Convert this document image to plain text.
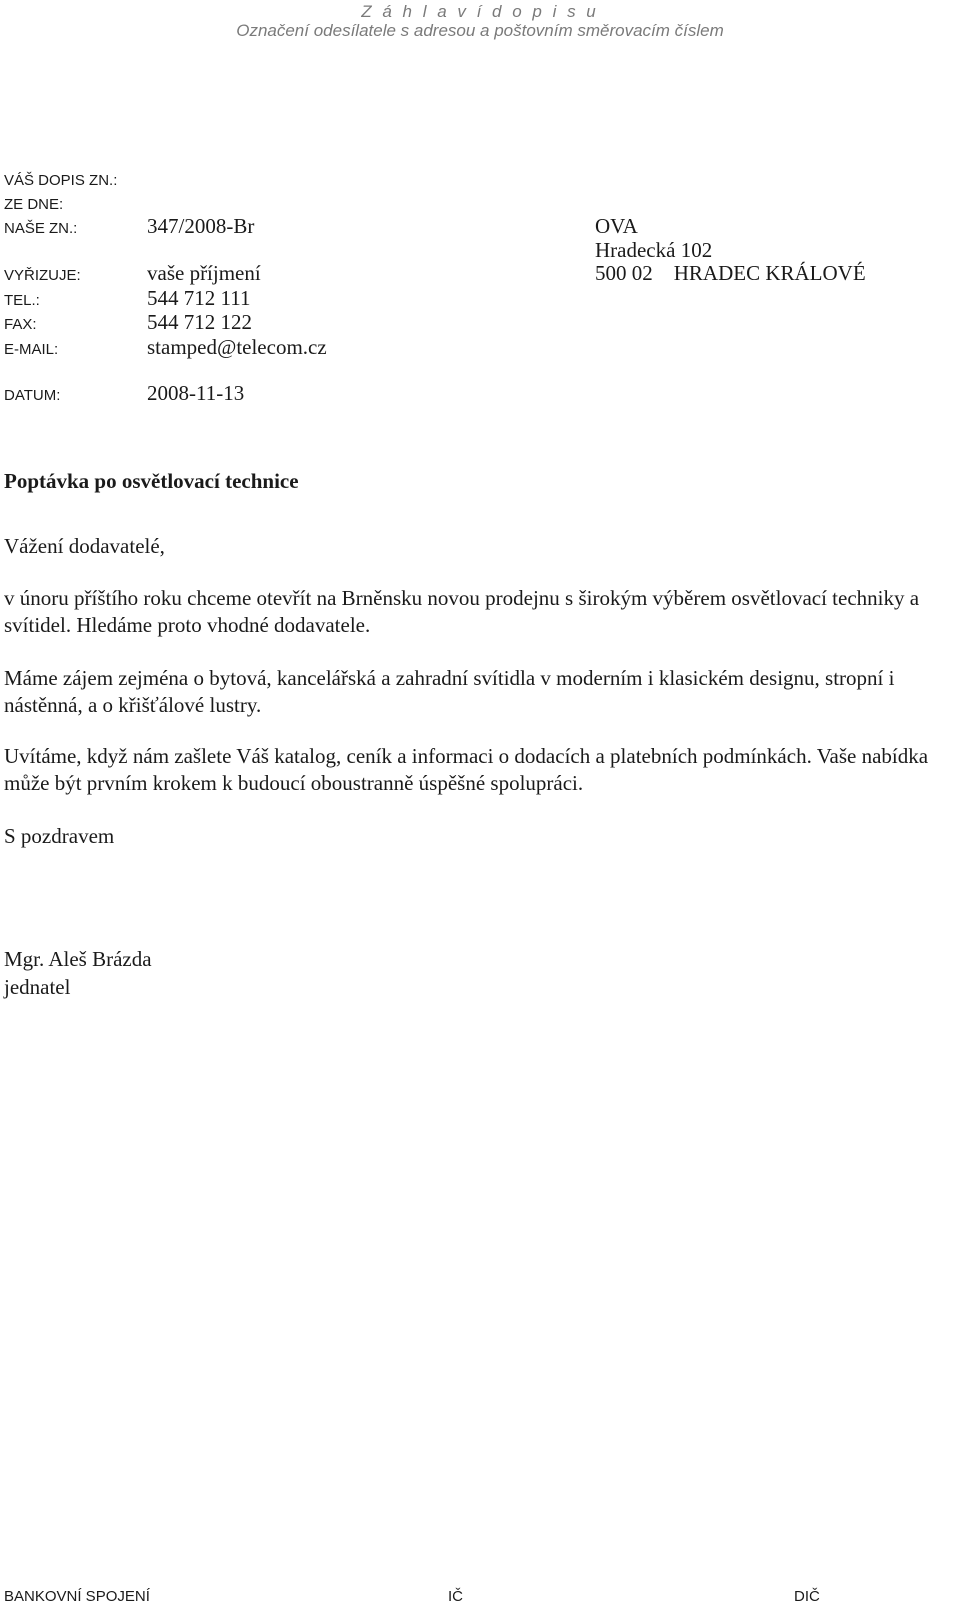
Z á h l a v í d o p i s u
Označení odesílatele s adresou a poštovním směrovacím číslem
VÁŠ DOPIS ZN.:
ZE DNE:
NAŠE ZN.:	347/2008-Br
VYŘIZUJE:	vaše příjmení
TEL.:	544 712 111
FAX:	544 712 122
E-MAIL:	stamped@telecom.cz
DATUM:	2008-11-13
OVA
Hradecká 102
500 02    HRADEC KRÁLOVÉ
Poptávka po osvětlovací technice
Vážení dodavatelé,
v únoru příštího roku chceme otevřít na Brněnsku novou prodejnu s širokým výběrem osvětlovací techniky a svítidel. Hledáme proto vhodné dodavatele.
Máme zájem zejména o bytová, kancelářská a zahradní svítidla v moderním i klasickém designu, stropní i nástěnná, a o křišťálové lustry.
Uvítáme, když nám zašlete Váš katalog, ceník a informaci o dodacích a platebních podmínkách. Vaše nabídka může být prvním krokem k budoucí oboustranně úspěšné spolupráci.
S pozdravem
Mgr. Aleš Brázda
jednatel
BANKOVNÍ SPOJENÍ	IČ	DIČ
